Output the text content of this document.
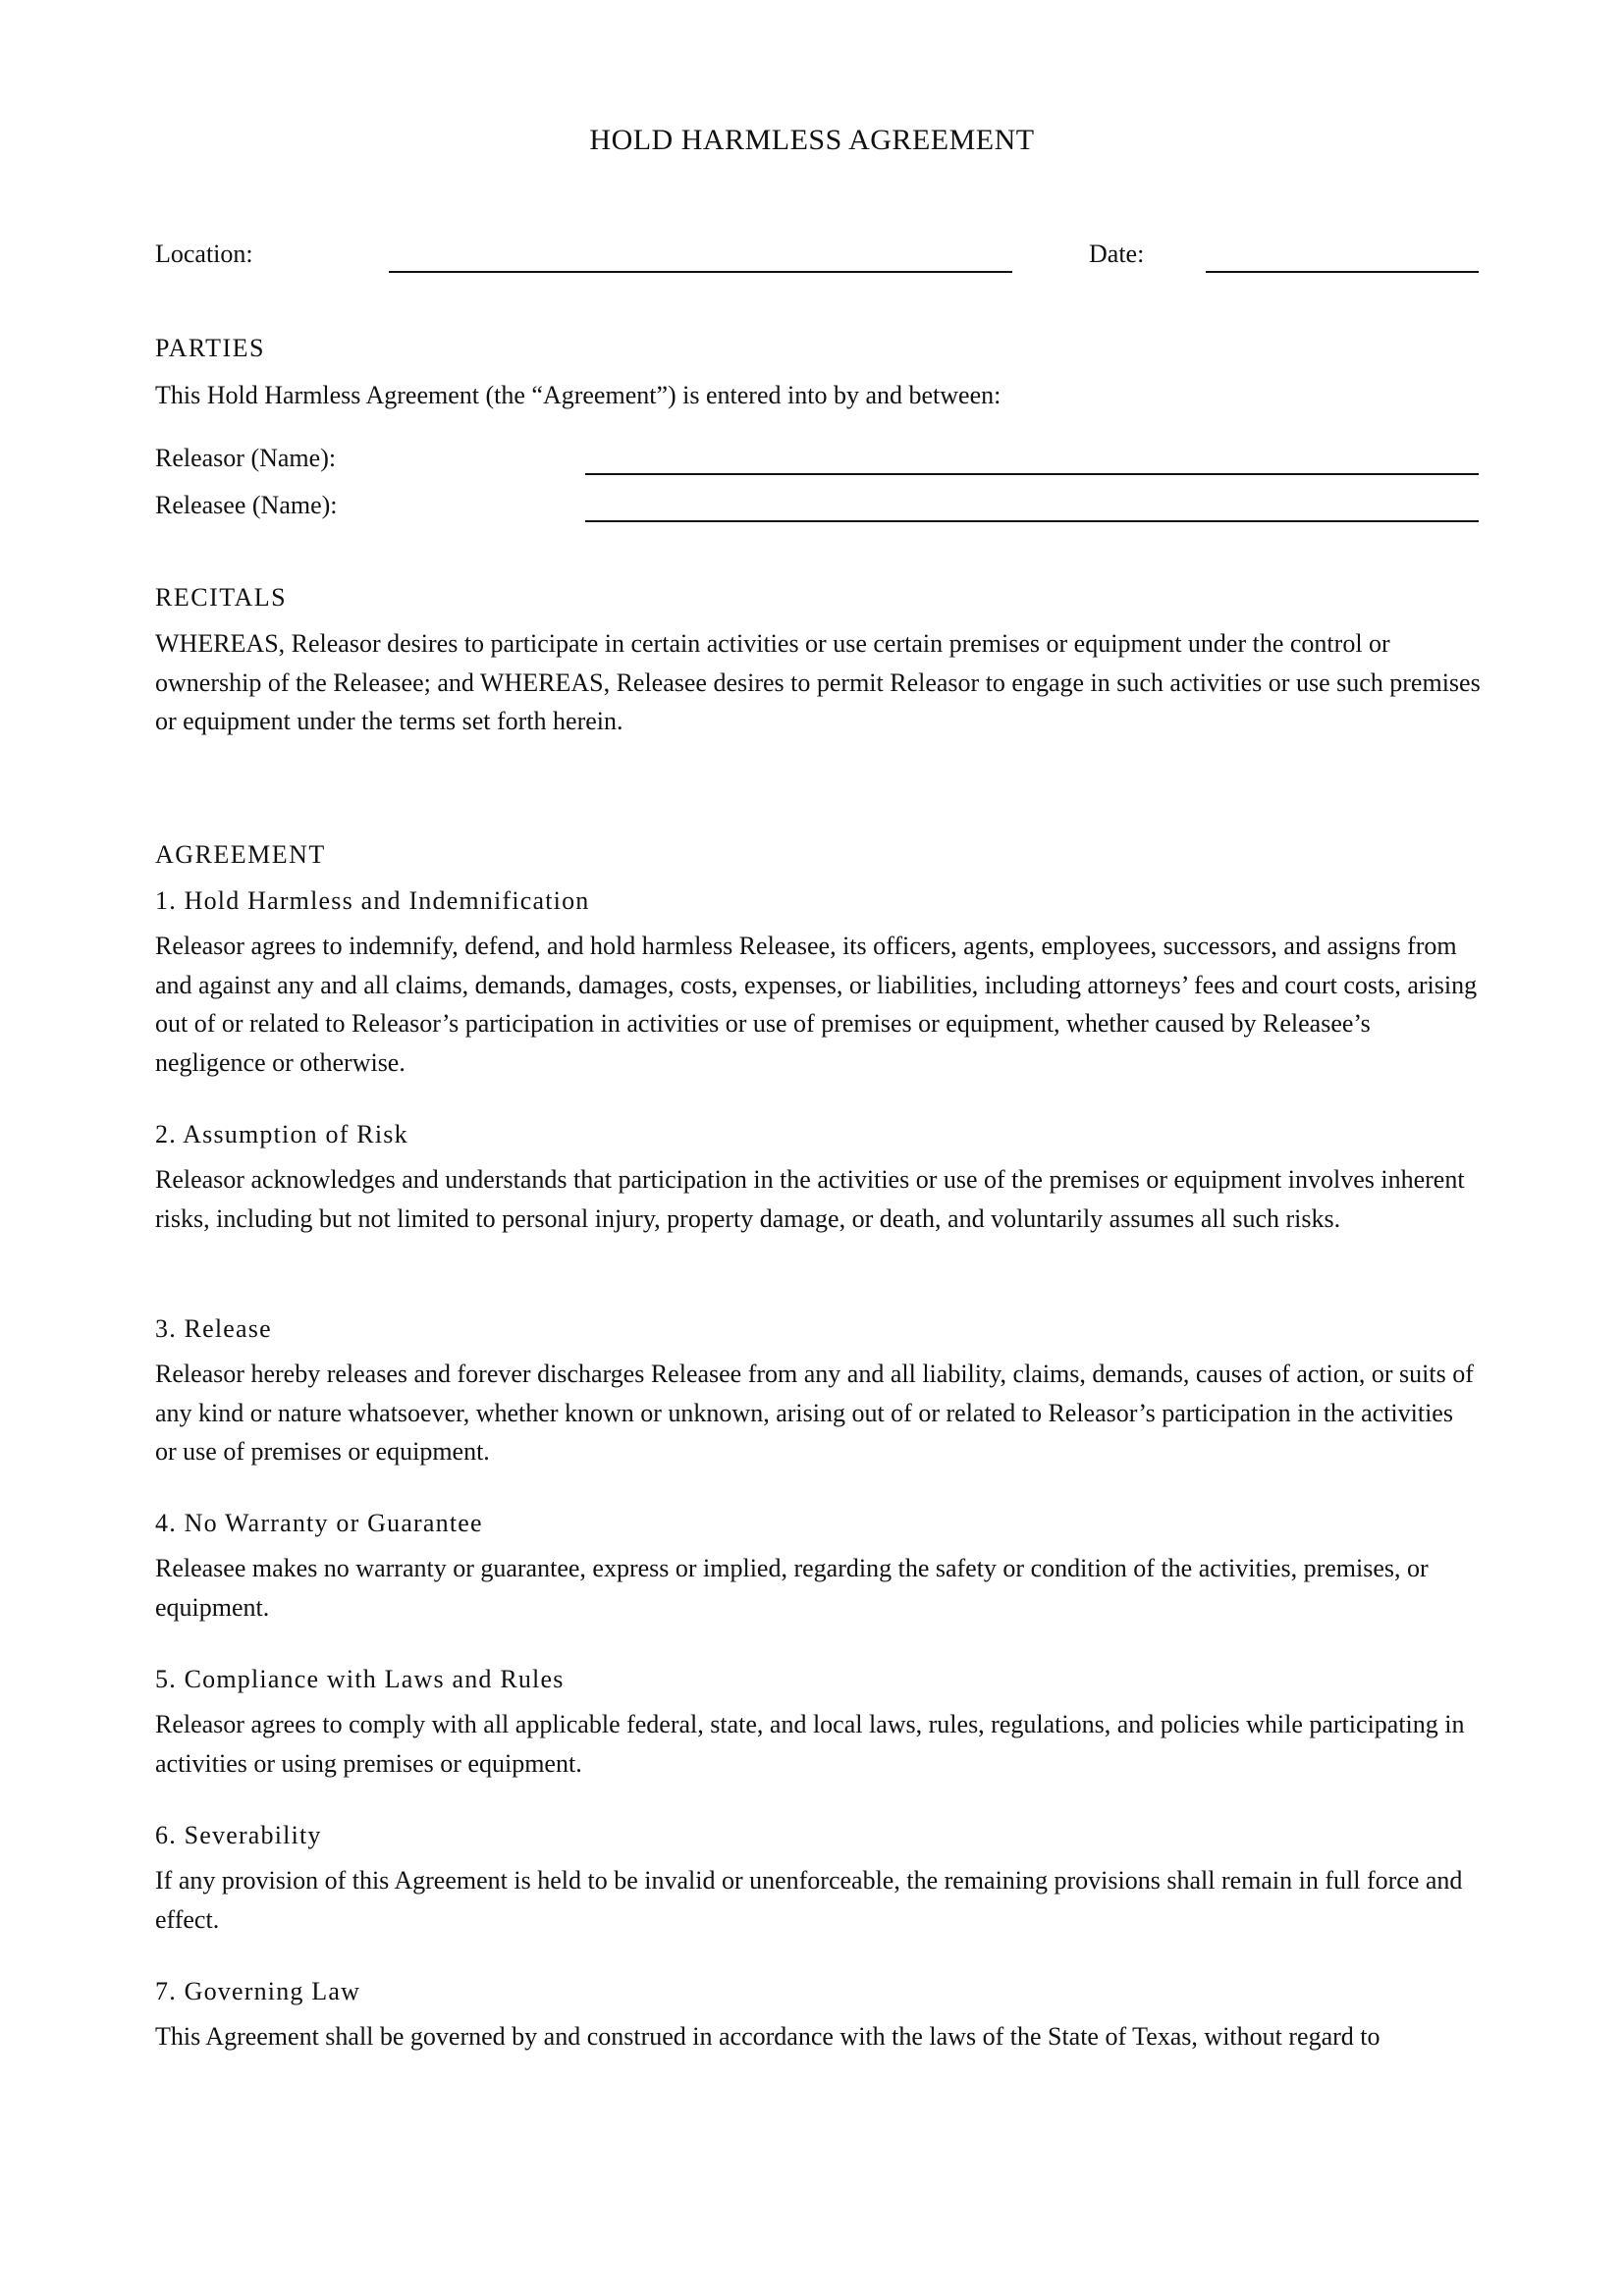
HOLD HARMLESS AGREEMENT
Location:	Date:
PARTIES
This Hold Harmless Agreement (the “Agreement”) is entered into by and between:
Releasor (Name):
Releasee (Name):
RECITALS
WHEREAS, Releasor desires to participate in certain activities or use certain premises or equipment under the control or ownership of the Releasee; and WHEREAS, Releasee desires to permit Releasor to engage in such activities or use such premises or equipment under the terms set forth herein.
AGREEMENT
1. Hold Harmless and Indemnification
Releasor agrees to indemnify, defend, and hold harmless Releasee, its officers, agents, employees, successors, and assigns from and against any and all claims, demands, damages, costs, expenses, or liabilities, including attorneys’ fees and court costs, arising out of or related to Releasor’s participation in activities or use of premises or equipment, whether caused by Releasee’s negligence or otherwise.
2. Assumption of Risk
Releasor acknowledges and understands that participation in the activities or use of the premises or equipment involves inherent risks, including but not limited to personal injury, property damage, or death, and voluntarily assumes all such risks.
3. Release
Releasor hereby releases and forever discharges Releasee from any and all liability, claims, demands, causes of action, or suits of any kind or nature whatsoever, whether known or unknown, arising out of or related to Releasor’s participation in the activities or use of premises or equipment.
4. No Warranty or Guarantee
Releasee makes no warranty or guarantee, express or implied, regarding the safety or condition of the activities, premises, or equipment.
5. Compliance with Laws and Rules
Releasor agrees to comply with all applicable federal, state, and local laws, rules, regulations, and policies while participating in activities or using premises or equipment.
6. Severability
If any provision of this Agreement is held to be invalid or unenforceable, the remaining provisions shall remain in full force and effect.
7. Governing Law
This Agreement shall be governed by and construed in accordance with the laws of the State of Texas, without regard to
